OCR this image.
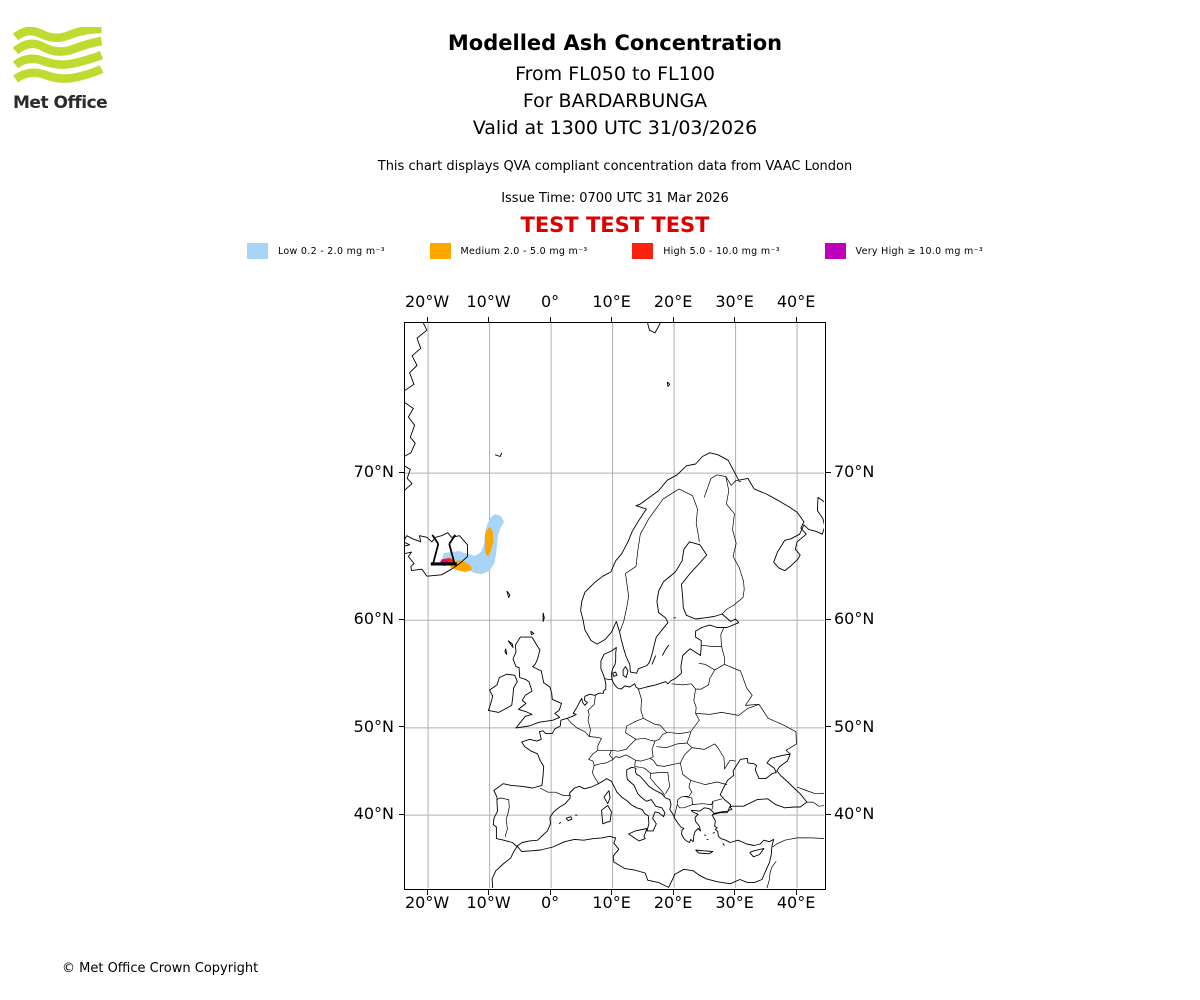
Met Office
Modelled Ash Concentration
From FL050 to FL100
For BARDARBUNGA
Valid at 1300 UTC 31/03/2026
This chart displays QVA compliant concentration data from VAAC London
Issue Time: 0700 UTC 31 Mar 2026
TEST TEST TEST
Low 0.2 - 2.0 mg m⁻³	Medium 2.0 - 5.0 mg m⁻³	High 5.0 - 10.0 mg m⁻³	Very High ≥ 10.0 mg m⁻³
20°W
20°W
10°W
10°W
0°
0°
10°E
10°E
20°E
20°E
30°E
30°E
40°E
40°E
70°N	70°N
60°N	60°N
50°N	50°N
40°N	40°N
© Met Office Crown Copyright
